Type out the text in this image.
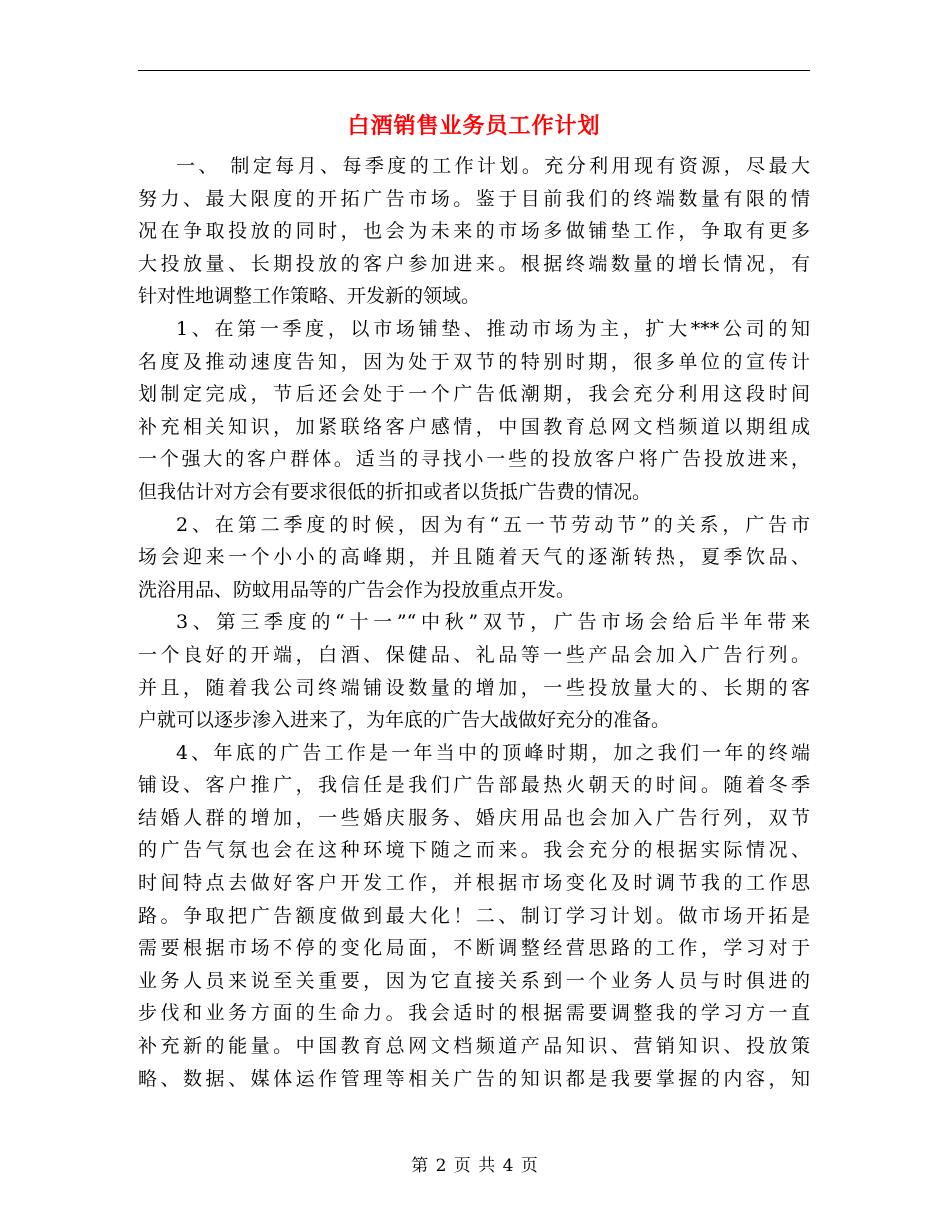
白酒销售业务员工作计划
一、 制定每月、每季度的工作计划。充分利用现有资源，尽最大
努力、最大限度的开拓广告市场。鉴于目前我们的终端数量有限的情
况在争取投放的同时，也会为未来的市场多做铺垫工作，争取有更多
大投放量、长期投放的客户参加进来。根据终端数量的增长情况，有
针对性地调整工作策略、开发新的领域。
1、在第一季度，以市场铺垫、推动市场为主，扩大***公司的知
名度及推动速度告知，因为处于双节的特别时期，很多单位的宣传计
划制定完成，节后还会处于一个广告低潮期，我会充分利用这段时间
补充相关知识，加紧联络客户感情，中国教育总网文档频道以期组成
一个强大的客户群体。适当的寻找小一些的投放客户将广告投放进来，
但我估计对方会有要求很低的折扣或者以货抵广告费的情况。
2、在第二季度的时候，因为有“五一节劳动节”的关系，广告市
场会迎来一个小小的高峰期，并且随着天气的逐渐转热，夏季饮品、
洗浴用品、防蚊用品等的广告会作为投放重点开发。
3、第三季度的“十一”“中秋”双节，广告市场会给后半年带来
一个良好的开端，白酒、保健品、礼品等一些产品会加入广告行列。
并且，随着我公司终端铺设数量的增加，一些投放量大的、长期的客
户就可以逐步渗入进来了，为年底的广告大战做好充分的准备。
4、年底的广告工作是一年当中的顶峰时期，加之我们一年的终端
铺设、客户推广，我信任是我们广告部最热火朝天的时间。随着冬季
结婚人群的增加，一些婚庆服务、婚庆用品也会加入广告行列，双节
的广告气氛也会在这种环境下随之而来。我会充分的根据实际情况、
时间特点去做好客户开发工作，并根据市场变化及时调节我的工作思
路。争取把广告额度做到最大化！二、制订学习计划。做市场开拓是
需要根据市场不停的变化局面，不断调整经营思路的工作，学习对于
业务人员来说至关重要，因为它直接关系到一个业务人员与时俱进的
步伐和业务方面的生命力。我会适时的根据需要调整我的学习方一直
补充新的能量。中国教育总网文档频道产品知识、营销知识、投放策
略、数据、媒体运作管理等相关广告的知识都是我要掌握的内容，知
第 2 页 共 4 页
